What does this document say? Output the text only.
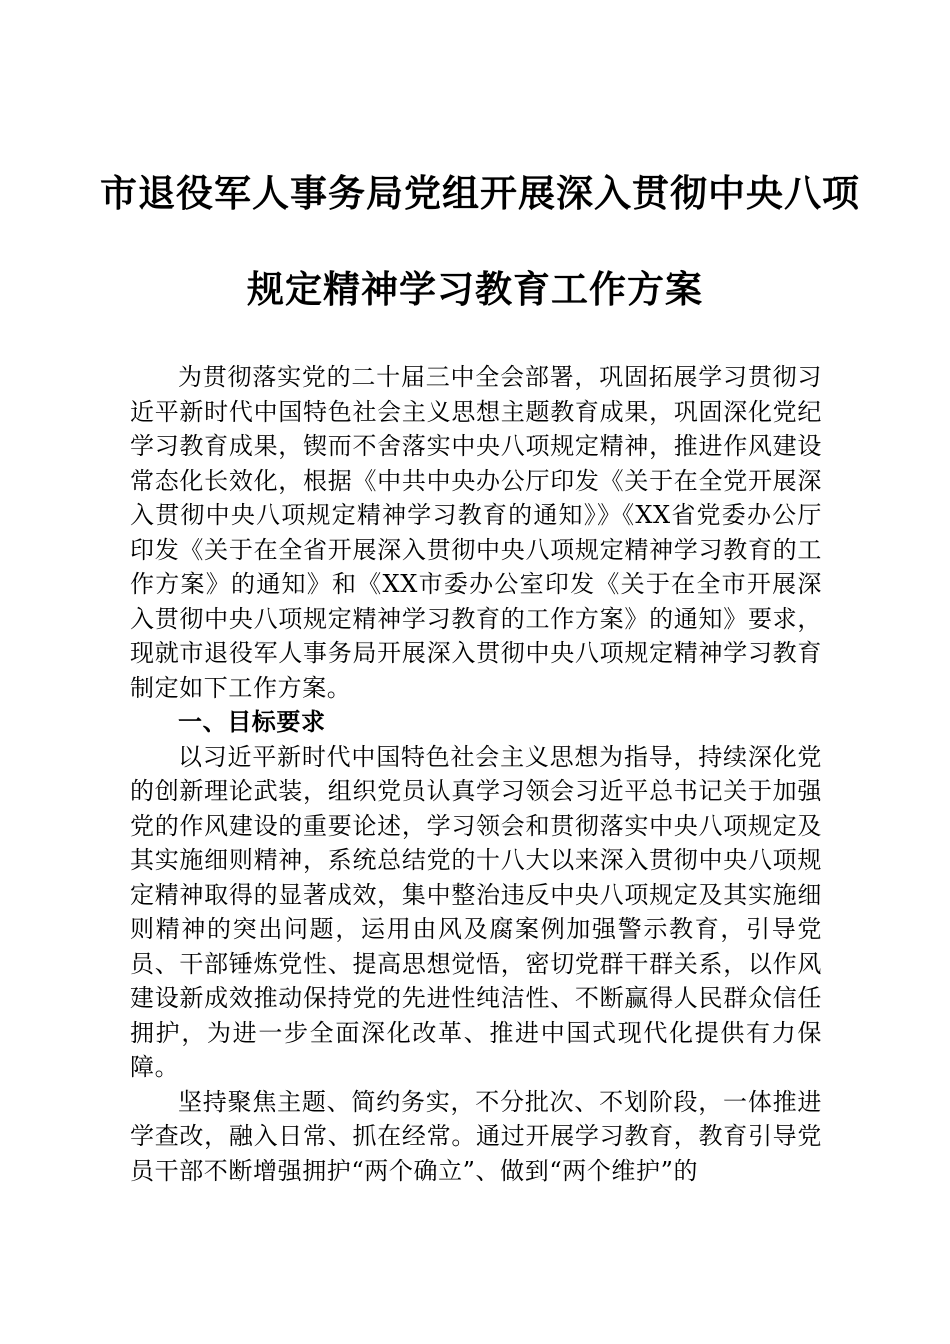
市退役军人事务局党组开展深入贯彻中央八项
规定精神学习教育工作方案

为贯彻落实党的二十届三中全会部署，巩固拓展学习贯彻习近平新时代中国特色社会主义思想主题教育成果，巩固深化党纪学习教育成果，锲而不舍落实中央八项规定精神，推进作风建设常态化长效化，根据《中共中央办公厅印发《关于在全党开展深入贯彻中央八项规定精神学习教育的通知》》《XX省党委办公厅印发《关于在全省开展深入贯彻中央八项规定精神学习教育的工作方案》的通知》和《XX市委办公室印发《关于在全市开展深入贯彻中央八项规定精神学习教育的工作方案》的通知》要求，现就市退役军人事务局开展深入贯彻中央八项规定精神学习教育制定如下工作方案。

一、目标要求

以习近平新时代中国特色社会主义思想为指导，持续深化党的创新理论武装，组织党员认真学习领会习近平总书记关于加强党的作风建设的重要论述，学习领会和贯彻落实中央八项规定及其实施细则精神，系统总结党的十八大以来深入贯彻中央八项规定精神取得的显著成效，集中整治违反中央八项规定及其实施细则精神的突出问题，运用由风及腐案例加强警示教育，引导党员、干部锤炼党性、提高思想觉悟，密切党群干群关系，以作风建设新成效推动保持党的先进性纯洁性、不断赢得人民群众信任拥护，为进一步全面深化改革、推进中国式现代化提供有力保障。

坚持聚焦主题、简约务实，不分批次、不划阶段，一体推进学查改，融入日常、抓在经常。通过开展学习教育，教育引导党员干部不断增强拥护“两个确立”、做到“两个维护”的
